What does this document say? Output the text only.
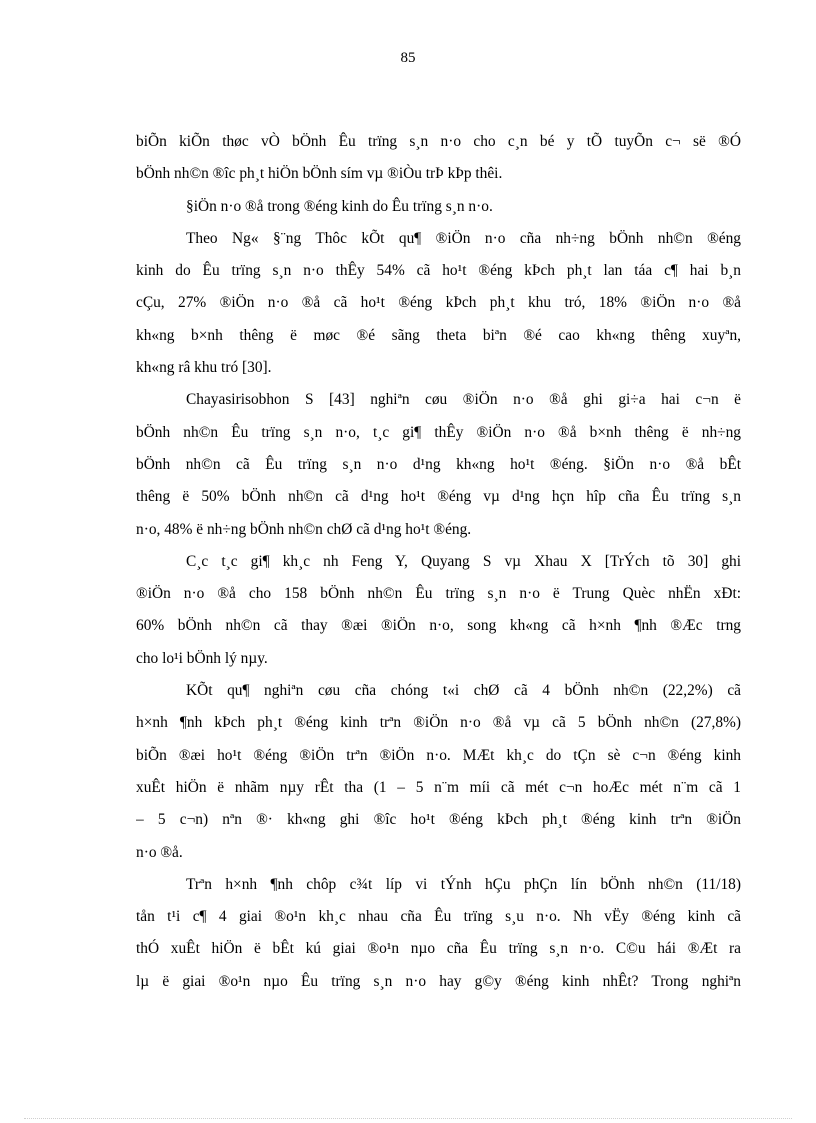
85
biÕn kiÕn thøc vÒ bÖnh Êu trïng s¸n n·o cho c¸n bé y tÕ tuyÕn c¬ së ®Ó
bÖnh nh©n ®îc ph¸t hiÖn bÖnh sím vµ ®iÒu trÞ kÞp thêi.
§iÖn n·o ®å trong ®éng kinh do Êu trïng s¸n n·o.
Theo Ng« §¨ng Thôc kÕt qu¶ ®iÖn n·o cña nh÷ng bÖnh nh©n ®éng
kinh do Êu trïng s¸n n·o thÊy 54% cã ho¹t ®éng kÞch ph¸t lan táa c¶ hai b¸n
cÇu, 27% ®iÖn n·o ®å cã ho¹t ®éng kÞch ph¸t khu tró, 18% ®iÖn n·o ®å
kh«ng b×nh thêng ë møc ®é sãng theta biªn ®é cao kh«ng thêng xuyªn,
kh«ng râ khu tró [30].
Chayasirisobhon S [43] nghiªn cøu ®iÖn n·o ®å ghi gi÷a hai c¬n ë
bÖnh nh©n Êu trïng s¸n n·o, t¸c gi¶ thÊy ®iÖn n·o ®å b×nh thêng ë nh÷ng
bÖnh nh©n cã Êu trïng s¸n n·o d¹ng kh«ng ho¹t ®éng. §iÖn n·o ®å bÊt
thêng ë 50% bÖnh nh©n cã d¹ng ho¹t ®éng vµ d¹ng hçn hîp cña Êu trïng s¸n
n·o, 48% ë nh÷ng bÖnh nh©n chØ cã d¹ng ho¹t ®éng.
C¸c t¸c gi¶ kh¸c nh Feng Y, Quyang S vµ Xhau X [TrÝch tõ 30] ghi
®iÖn n·o ®å cho 158 bÖnh nh©n Êu trïng s¸n n·o ë Trung Quèc nhËn xÐt:
60% bÖnh nh©n cã thay ®æi ®iÖn n·o, song kh«ng cã h×nh ¶nh ®Æc trng
cho lo¹i bÖnh lý nµy.
KÕt qu¶ nghiªn cøu cña chóng t«i chØ cã 4 bÖnh nh©n (22,2%) cã
h×nh ¶nh kÞch ph¸t ®éng kinh trªn ®iÖn n·o ®å vµ cã 5 bÖnh nh©n (27,8%)
biÕn ®æi ho¹t ®éng ®iÖn trªn ®iÖn n·o. MÆt kh¸c do tÇn sè c¬n ®éng kinh
xuÊt hiÖn ë nhãm nµy rÊt tha (1 – 5 n¨m míi cã mét c¬n hoÆc mét n¨m cã 1
– 5 c¬n) nªn ®· kh«ng ghi ®îc ho¹t ®éng kÞch ph¸t ®éng kinh trªn ®iÖn
n·o ®å.
Trªn h×nh ¶nh chôp c¾t líp vi tÝnh hÇu phÇn lín bÖnh nh©n (11/18)
tån t¹i c¶ 4 giai ®o¹n kh¸c nhau cña Êu trïng s¸u n·o. Nh vËy ®éng kinh cã
thÓ xuÊt hiÖn ë bÊt kú giai ®o¹n nµo cña Êu trïng s¸n n·o. C©u hái ®Æt ra
lµ ë giai ®o¹n nµo Êu trïng s¸n n·o hay g©y ®éng kinh nhÊt? Trong nghiªn
